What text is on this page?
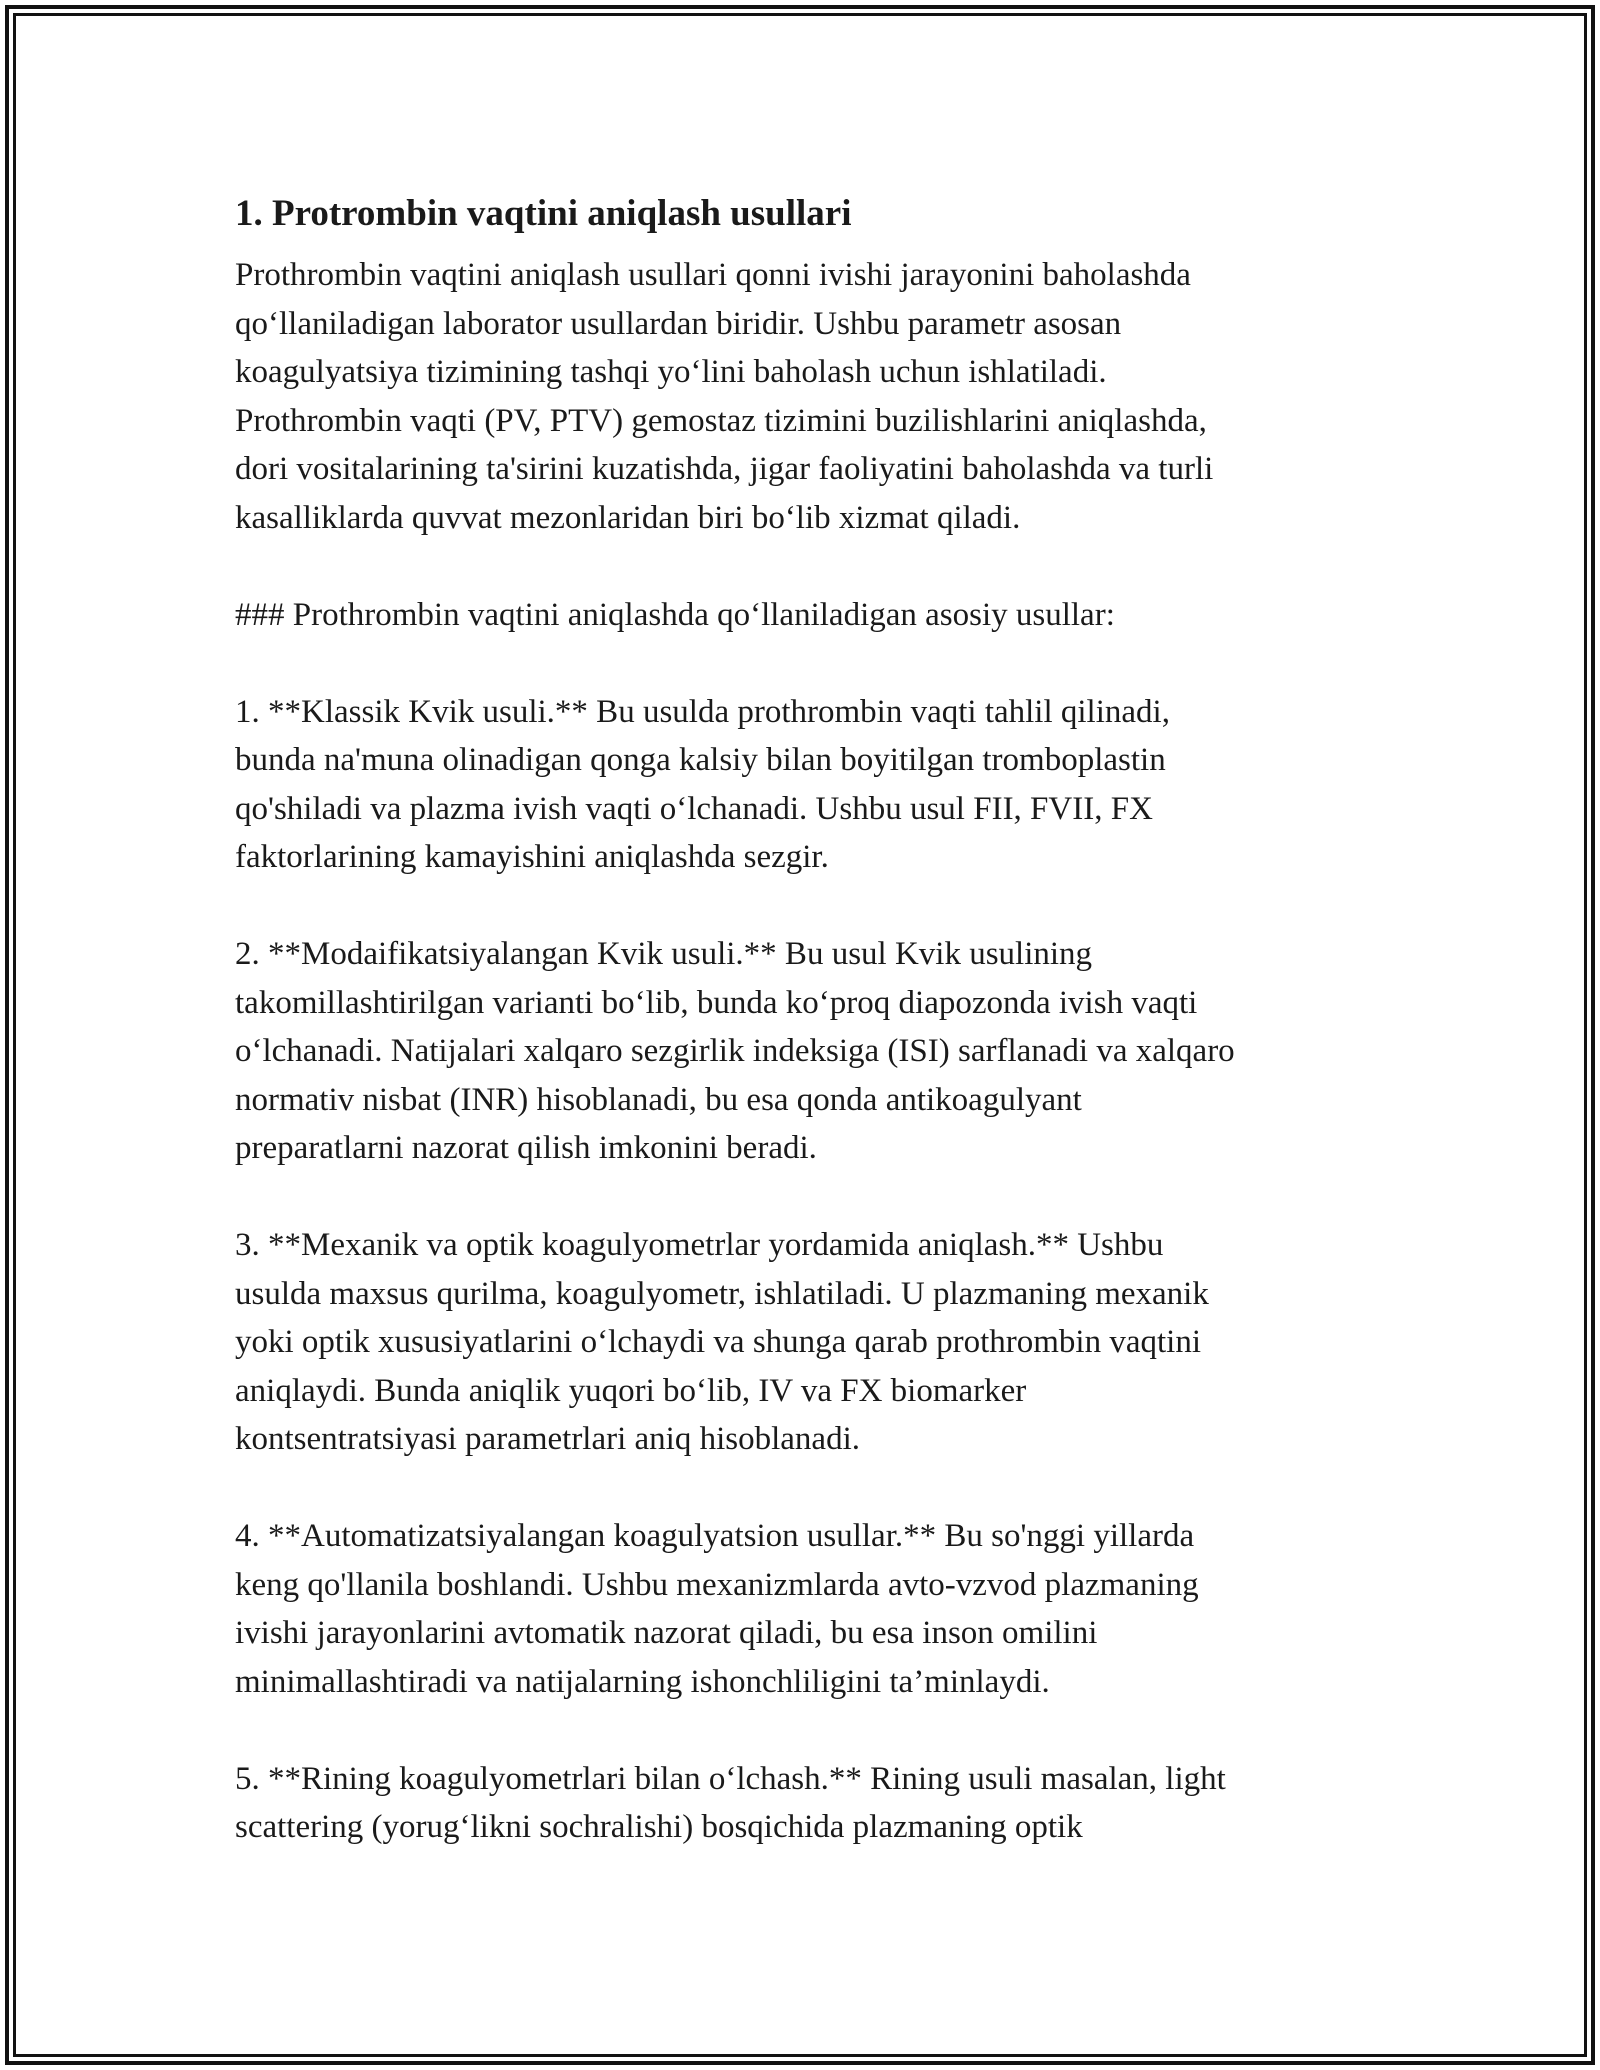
1. Protrombin vaqtini aniqlash usullari

Prothrombin vaqtini aniqlash usullari qonni ivishi jarayonini baholashda
qoʻllaniladigan laborator usullardan biridir. Ushbu parametr asosan
koagulyatsiya tizimining tashqi yoʻlini baholash uchun ishlatiladi.
Prothrombin vaqti (PV, PTV) gemostaz tizimini buzilishlarini aniqlashda,
dori vositalarining ta'sirini kuzatishda, jigar faoliyatini baholashda va turli
kasalliklarda quvvat mezonlaridan biri boʻlib xizmat qiladi.

### Prothrombin vaqtini aniqlashda qoʻllaniladigan asosiy usullar:

1. **Klassik Kvik usuli.** Bu usulda prothrombin vaqti tahlil qilinadi,
bunda na'muna olinadigan qonga kalsiy bilan boyitilgan tromboplastin
qo'shiladi va plazma ivish vaqti oʻlchanadi. Ushbu usul FII, FVII, FX
faktorlarining kamayishini aniqlashda sezgir.

2. **Modaifikatsiyalangan Kvik usuli.** Bu usul Kvik usulining
takomillashtirilgan varianti boʻlib, bunda koʻproq diapozonda ivish vaqti
oʻlchanadi. Natijalari xalqaro sezgirlik indeksiga (ISI) sarflanadi va xalqaro
normativ nisbat (INR) hisoblanadi, bu esa qonda antikoagulyant
preparatlarni nazorat qilish imkonini beradi.

3. **Mexanik va optik koagulyometrlar yordamida aniqlash.** Ushbu
usulda maxsus qurilma, koagulyometr, ishlatiladi. U plazmaning mexanik
yoki optik xususiyatlarini oʻlchaydi va shunga qarab prothrombin vaqtini
aniqlaydi. Bunda aniqlik yuqori boʻlib, IV va FX biomarker
kontsentratsiyasi parametrlari aniq hisoblanadi.

4. **Automatizatsiyalangan koagulyatsion usullar.** Bu so'nggi yillarda
keng qo'llanila boshlandi. Ushbu mexanizmlarda avto-vzvod plazmaning
ivishi jarayonlarini avtomatik nazorat qiladi, bu esa inson omilini
minimallashtiradi va natijalarning ishonchliligini ta’minlaydi.

5. **Rining koagulyometrlari bilan oʻlchash.** Rining usuli masalan, light
scattering (yorugʻlikni sochralishi) bosqichida plazmaning optik
